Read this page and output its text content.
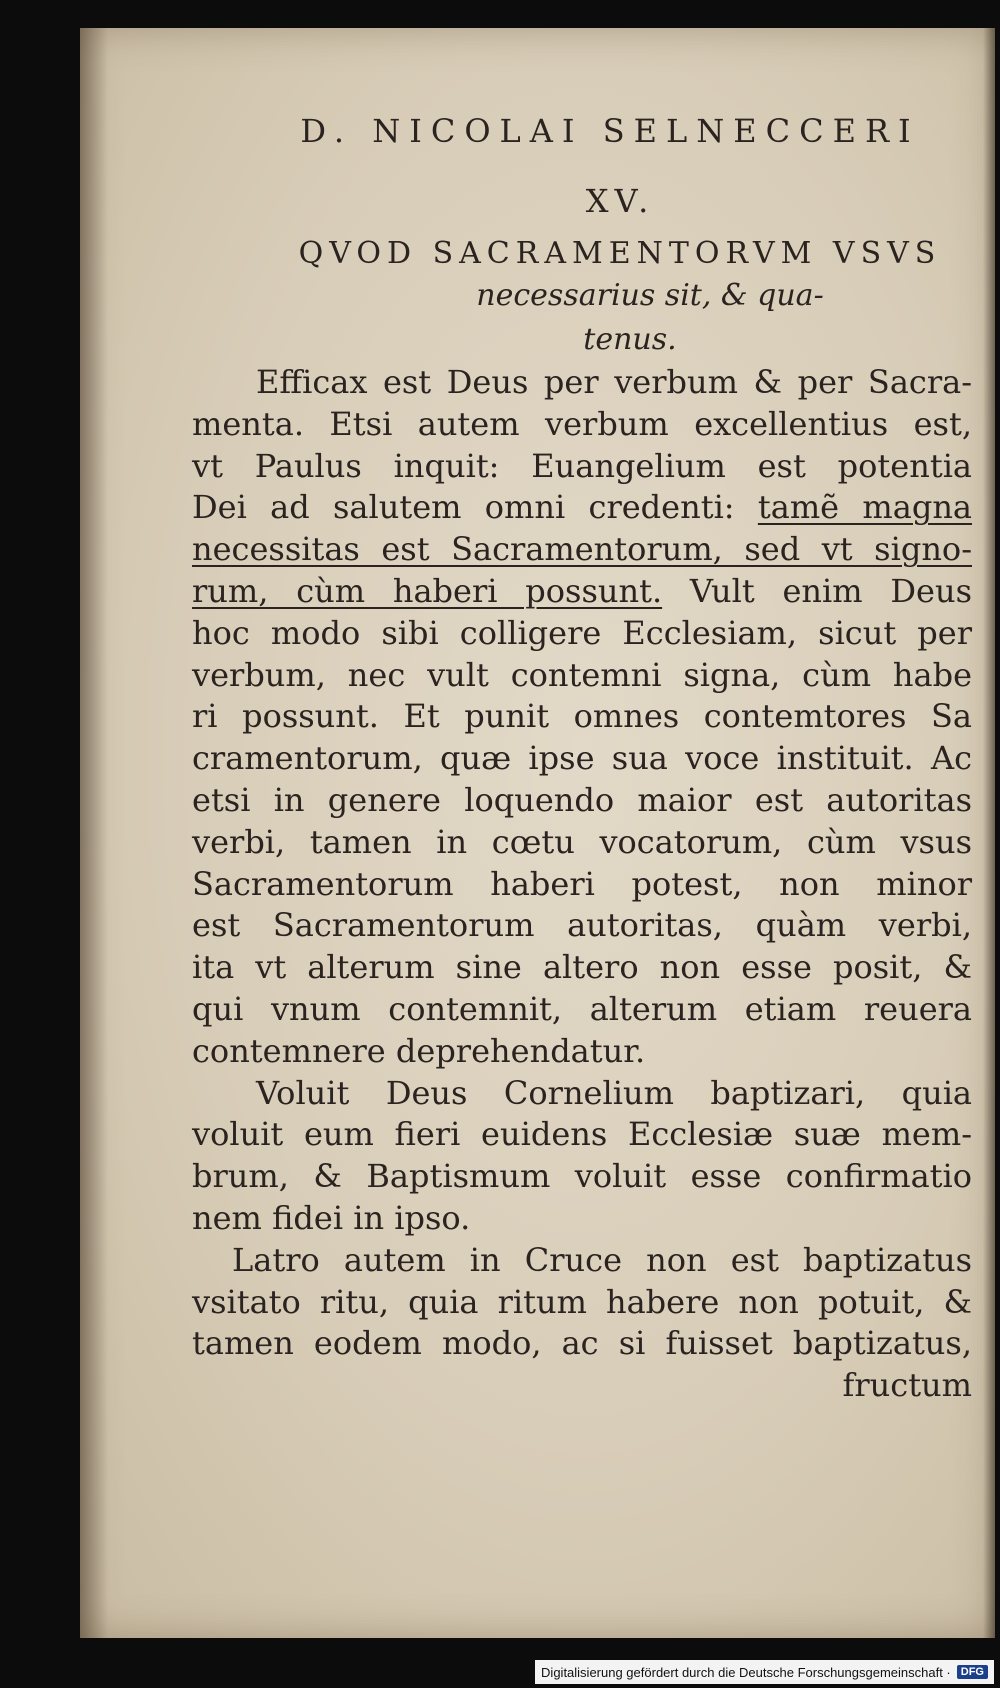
D. NICOLAI SELNECCERI
XV.
QVOD SACRAMENTORVM VSVS
necessarius sit, & qua-
tenus.
Efficax est Deus per verbum & per Sacra-
menta. Etsi autem verbum excellentius est,
vt Paulus inquit: Euangelium est potentia
Dei ad salutem omni credenti: tamẽ magna
necessitas est Sacramentorum, sed vt signo-
rum, cùm haberi possunt. Vult enim Deus
hoc modo sibi colligere Ecclesiam, sicut per
verbum, nec vult contemni signa, cùm habe
ri possunt. Et punit omnes contemtores Sa
cramentorum, quæ ipse sua voce instituit. Ac
etsi in genere loquendo maior est autoritas
verbi, tamen in cœtu vocatorum, cùm vsus
Sacramentorum haberi potest, non minor
est Sacramentorum autoritas, quàm verbi,
ita vt alterum sine altero non esse posit, &
qui vnum contemnit, alterum etiam reuera
contemnere deprehendatur.
Voluit Deus Cornelium baptizari, quia
voluit eum fieri euidens Ecclesiæ suæ mem-
brum, & Baptismum voluit esse confirmatio
nem fidei in ipso.
Latro autem in Cruce non est baptizatus
vsitato ritu, quia ritum habere non potuit, &
tamen eodem modo, ac si fuisset baptizatus,
fructum
Digitalisierung gefördert durch die Deutsche Forschungsgemeinschaft · DFG
